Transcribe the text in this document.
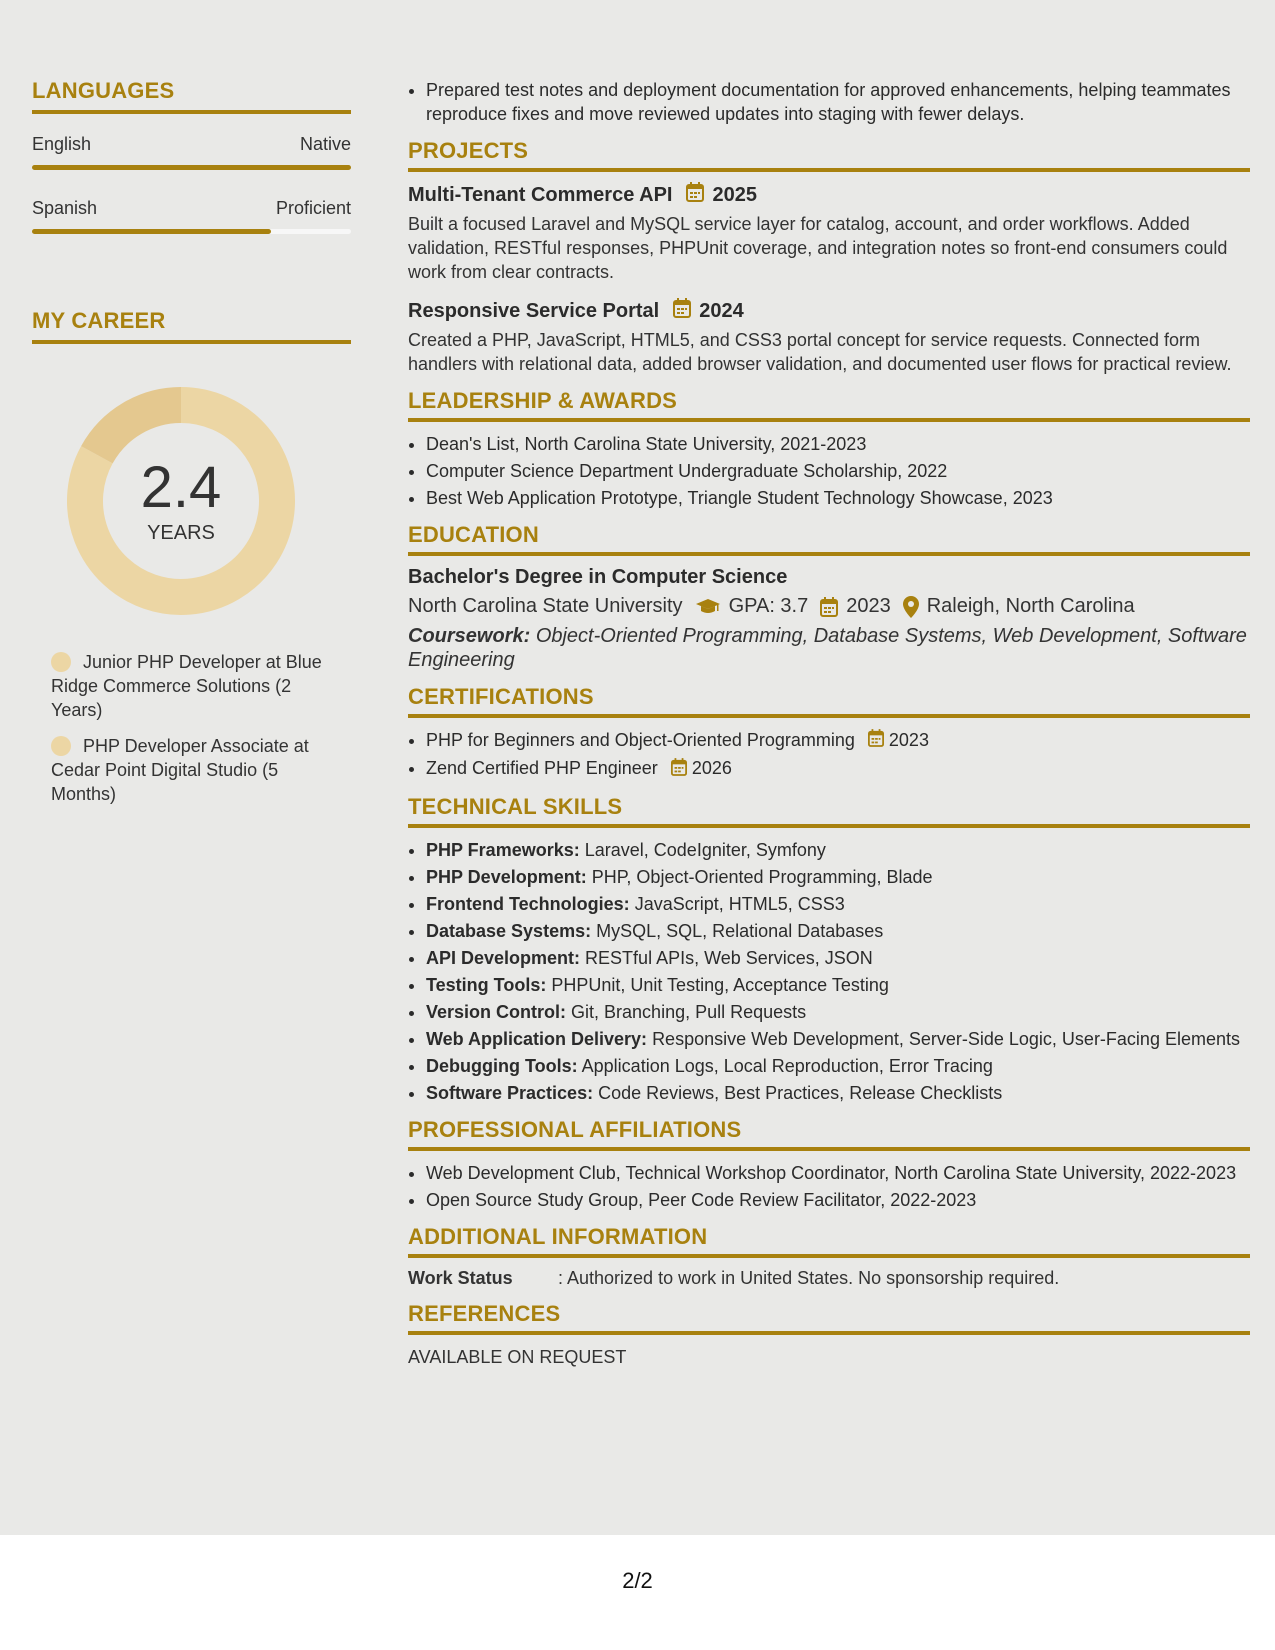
LANGUAGES
English	Native
Spanish	Proficient
MY CAREER
2.4
YEARS
Junior PHP Developer at Blue Ridge Commerce Solutions (2 Years)
PHP Developer Associate at Cedar Point Digital Studio (5 Months)
• Prepared test notes and deployment documentation for approved enhancements, helping teammates reproduce fixes and move reviewed updates into staging with fewer delays.
PROJECTS
Multi-Tenant Commerce API 2025
Built a focused Laravel and MySQL service layer for catalog, account, and order workflows. Added validation, RESTful responses, PHPUnit coverage, and integration notes so front-end consumers could work from clear contracts.
Responsive Service Portal 2024
Created a PHP, JavaScript, HTML5, and CSS3 portal concept for service requests. Connected form handlers with relational data, added browser validation, and documented user flows for practical review.
LEADERSHIP & AWARDS
• Dean's List, North Carolina State University, 2021-2023
• Computer Science Department Undergraduate Scholarship, 2022
• Best Web Application Prototype, Triangle Student Technology Showcase, 2023
EDUCATION
Bachelor's Degree in Computer Science
North Carolina State University GPA: 3.7 2023 Raleigh, North Carolina
Coursework: Object-Oriented Programming, Database Systems, Web Development, Software Engineering
CERTIFICATIONS
• PHP for Beginners and Object-Oriented Programming 2023
• Zend Certified PHP Engineer 2026
TECHNICAL SKILLS
• PHP Frameworks: Laravel, CodeIgniter, Symfony
• PHP Development: PHP, Object-Oriented Programming, Blade
• Frontend Technologies: JavaScript, HTML5, CSS3
• Database Systems: MySQL, SQL, Relational Databases
• API Development: RESTful APIs, Web Services, JSON
• Testing Tools: PHPUnit, Unit Testing, Acceptance Testing
• Version Control: Git, Branching, Pull Requests
• Web Application Delivery: Responsive Web Development, Server-Side Logic, User-Facing Elements
• Debugging Tools: Application Logs, Local Reproduction, Error Tracing
• Software Practices: Code Reviews, Best Practices, Release Checklists
PROFESSIONAL AFFILIATIONS
• Web Development Club, Technical Workshop Coordinator, North Carolina State University, 2022-2023
• Open Source Study Group, Peer Code Review Facilitator, 2022-2023
ADDITIONAL INFORMATION
Work Status	: Authorized to work in United States. No sponsorship required.
REFERENCES
AVAILABLE ON REQUEST
2/2
